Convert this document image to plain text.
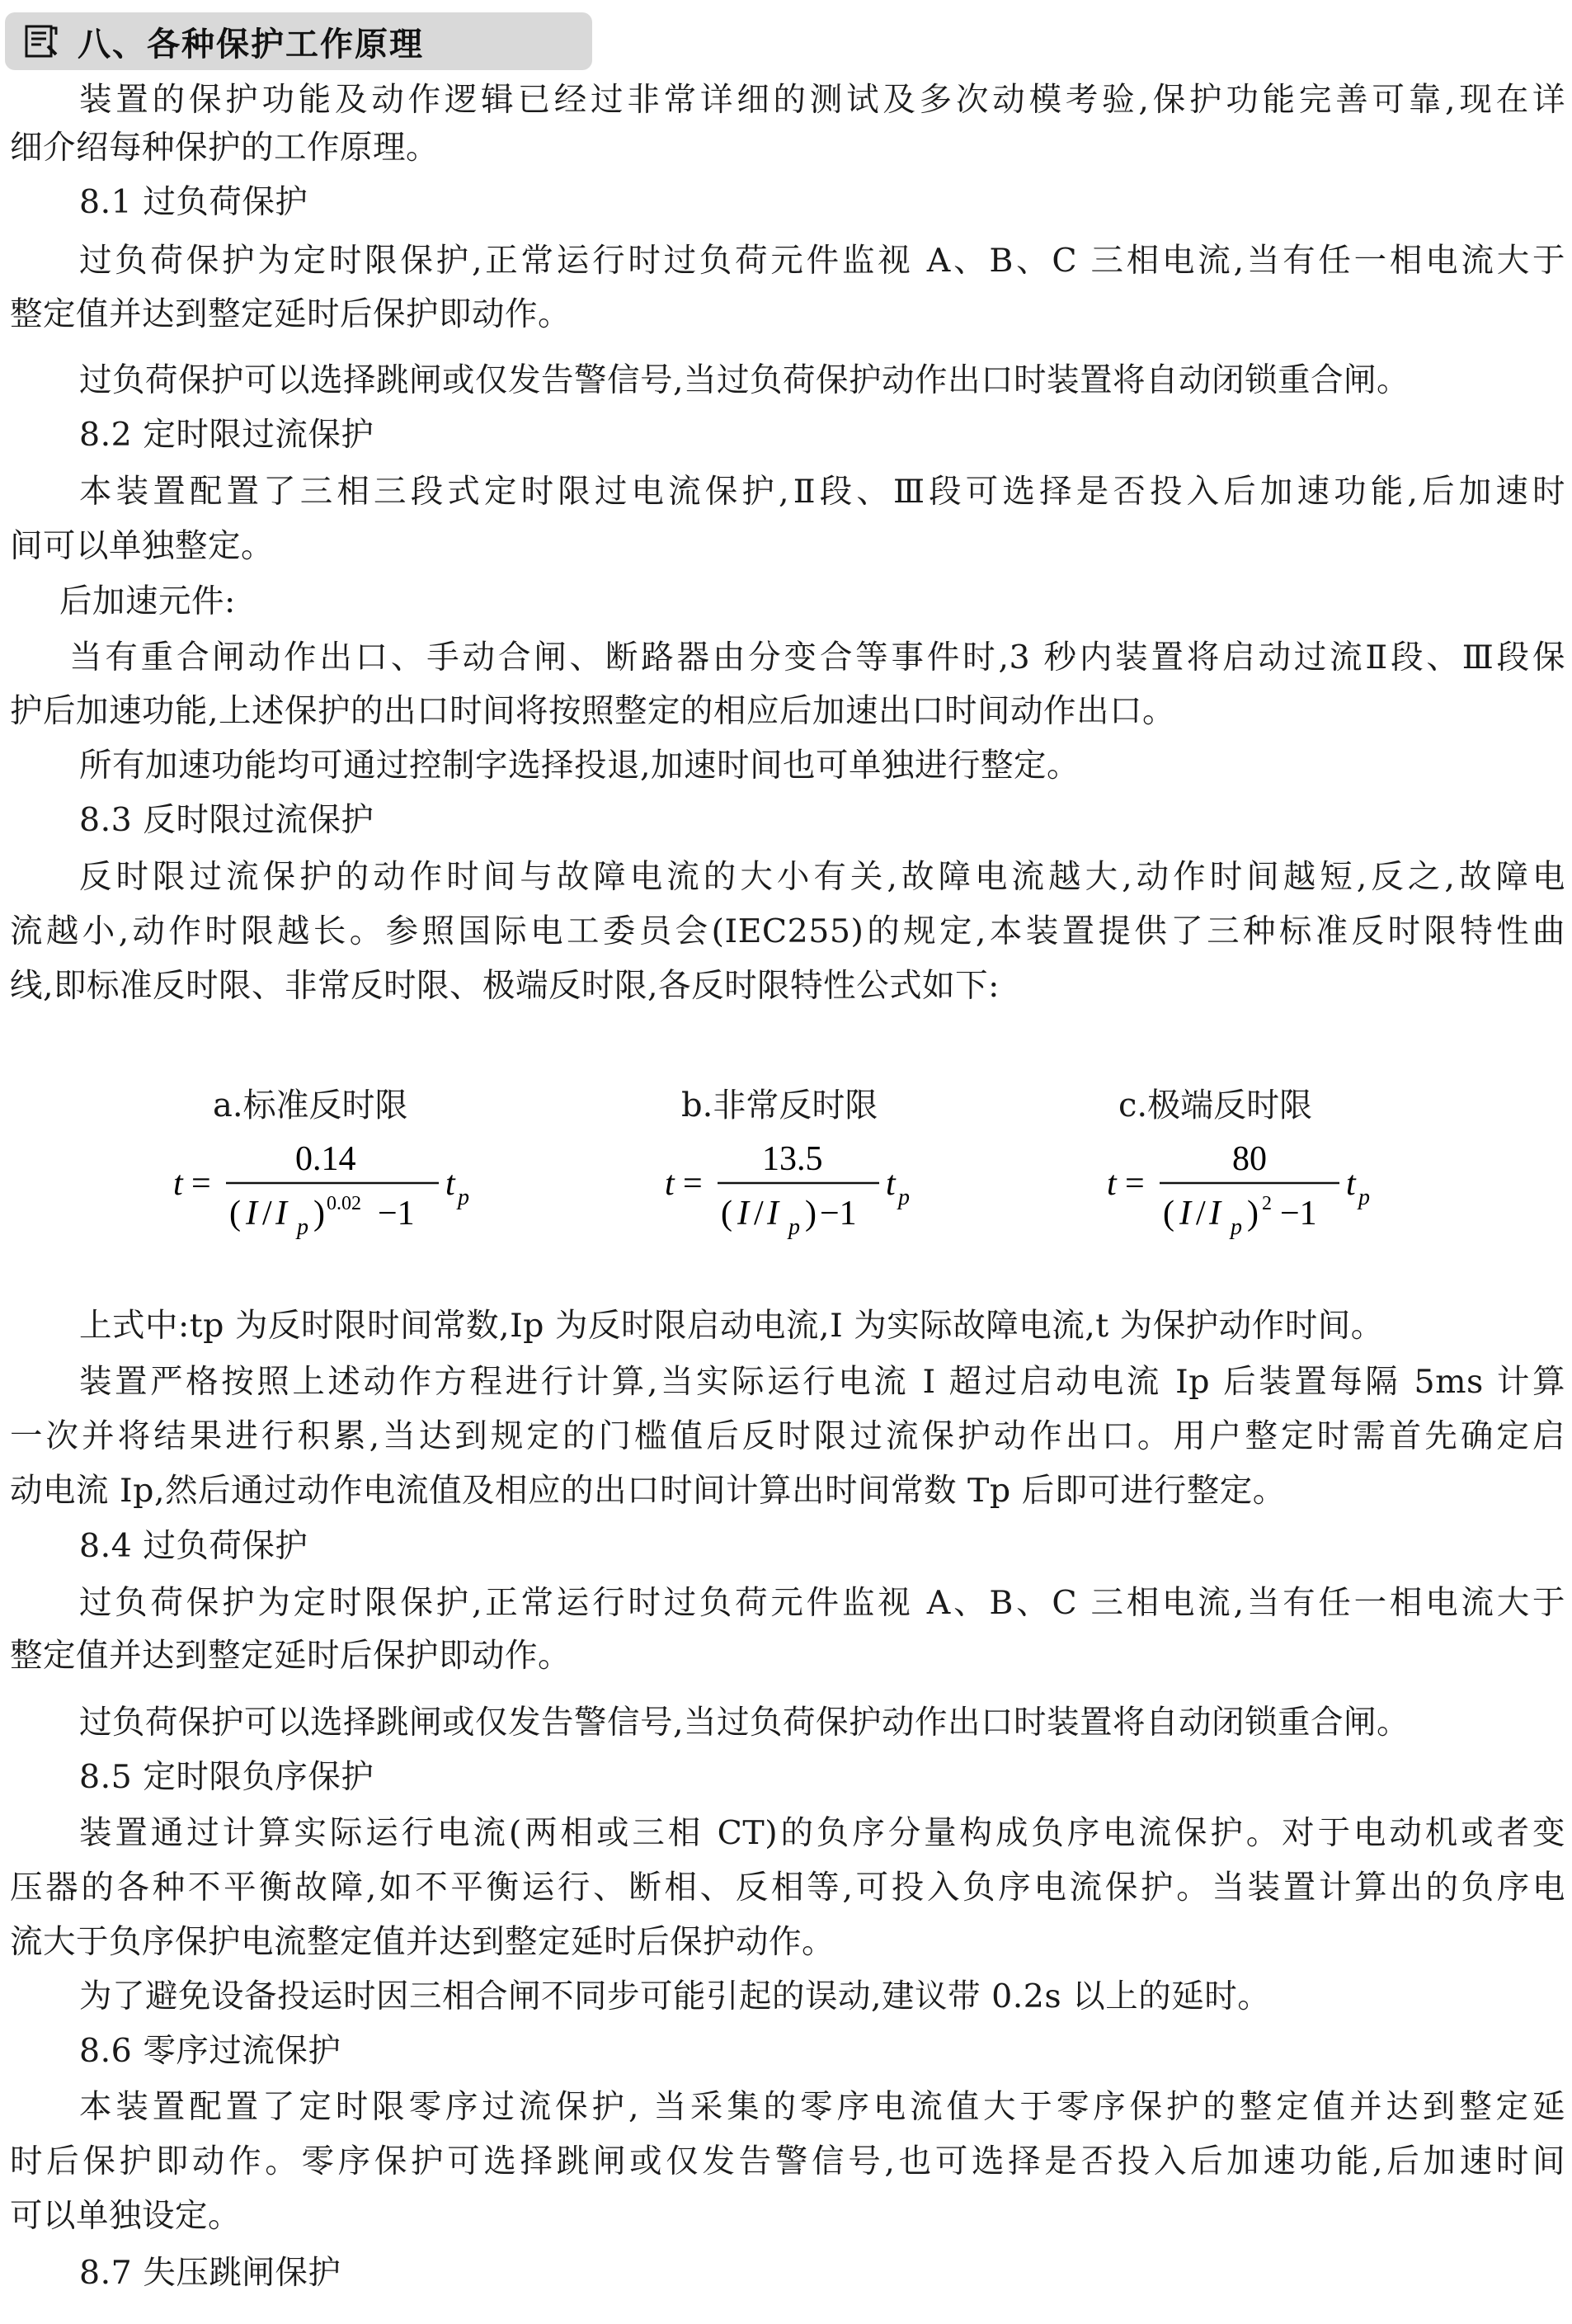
八、各种保护工作原理
装置的保护功能及动作逻辑已经过非常详细的测试及多次动模考验,保护功能完善可靠,现在详
细介绍每种保护的工作原理。
8.1 过负荷保护
过负荷保护为定时限保护,正常运行时过负荷元件监视 A、B、C 三相电流,当有任一相电流大于
整定值并达到整定延时后保护即动作。
过负荷保护可以选择跳闸或仅发告警信号,当过负荷保护动作出口时装置将自动闭锁重合闸。
8.2 定时限过流保护
本装置配置了三相三段式定时限过电流保护,Ⅱ段、Ⅲ段可选择是否投入后加速功能,后加速时
间可以单独整定。
后加速元件:
当有重合闸动作出口、手动合闸、断路器由分变合等事件时,3 秒内装置将启动过流Ⅱ段、Ⅲ段保
护后加速功能,上述保护的出口时间将按照整定的相应后加速出口时间动作出口。
所有加速功能均可通过控制字选择投退,加速时间也可单独进行整定。
8.3 反时限过流保护
反时限过流保护的动作时间与故障电流的大小有关,故障电流越大,动作时间越短,反之,故障电
流越小,动作时限越长。参照国际电工委员会(IEC255)的规定,本装置提供了三种标准反时限特性曲
线,即标准反时限、非常反时限、极端反时限,各反时限特性公式如下:
a.标准反时限	b.非常反时限	c.极端反时限
t =
0.14
( I / I p ) 0.02 −1
t p	t =
13.5
( I / I p ) −1
t p	t =
80
( I / I p ) 2 −1
t p
上式中:tp 为反时限时间常数,Ip 为反时限启动电流,I 为实际故障电流,t 为保护动作时间。
装置严格按照上述动作方程进行计算,当实际运行电流 I 超过启动电流 Ip 后装置每隔 5ms 计算
一次并将结果进行积累,当达到规定的门槛值后反时限过流保护动作出口。用户整定时需首先确定启
动电流 Ip,然后通过动作电流值及相应的出口时间计算出时间常数 Tp 后即可进行整定。
8.4 过负荷保护
过负荷保护为定时限保护,正常运行时过负荷元件监视 A、B、C 三相电流,当有任一相电流大于
整定值并达到整定延时后保护即动作。
过负荷保护可以选择跳闸或仅发告警信号,当过负荷保护动作出口时装置将自动闭锁重合闸。
8.5 定时限负序保护
装置通过计算实际运行电流(两相或三相 CT)的负序分量构成负序电流保护。对于电动机或者变
压器的各种不平衡故障,如不平衡运行、断相、反相等,可投入负序电流保护。当装置计算出的负序电
流大于负序保护电流整定值并达到整定延时后保护动作。
为了避免设备投运时因三相合闸不同步可能引起的误动,建议带 0.2s 以上的延时。
8.6 零序过流保护
本装置配置了定时限零序过流保护, 当采集的零序电流值大于零序保护的整定值并达到整定延
时后保护即动作。零序保护可选择跳闸或仅发告警信号,也可选择是否投入后加速功能,后加速时间
可以单独设定。
8.7 失压跳闸保护
